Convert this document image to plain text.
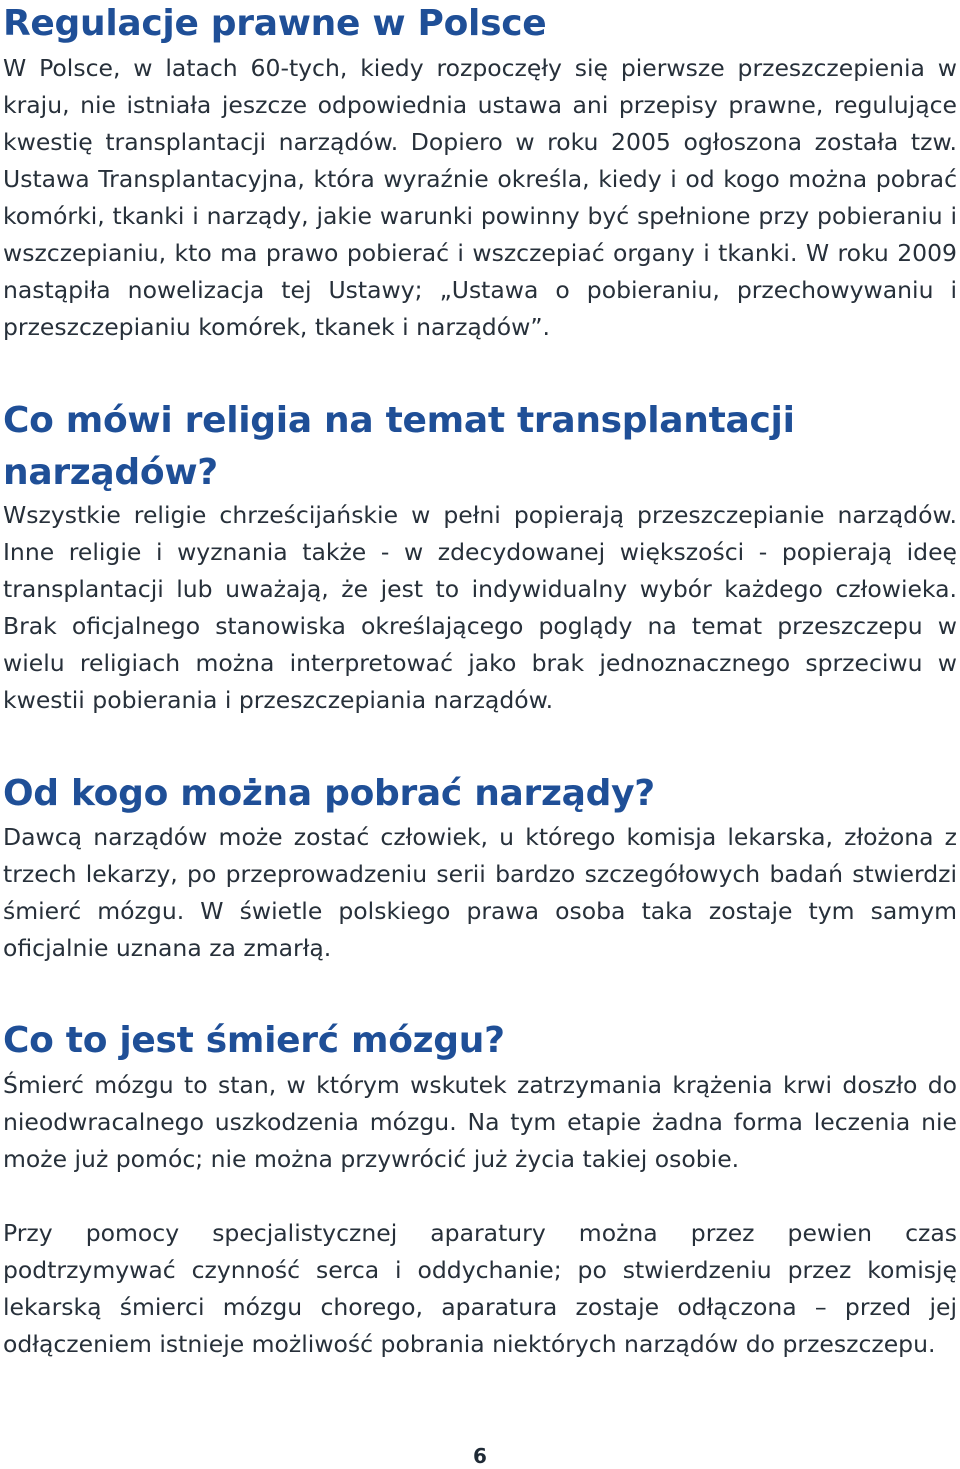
Regulacje prawne w Polsce

W Polsce, w latach 60-tych, kiedy rozpoczęły się pierwsze przeszczepienia w kraju, nie istniała jeszcze odpowiednia ustawa ani przepisy prawne, regulujące kwestię transplantacji narządów. Dopiero w roku 2005 ogłoszona została tzw. Ustawa Transplantacyjna, która wyraźnie określa, kiedy i od kogo można pobrać komórki, tkanki i narządy, jakie warunki powinny być spełnione przy pobieraniu i wszczepianiu, kto ma prawo pobierać i wszczepiać organy i tkanki. W roku 2009 nastąpiła nowelizacja tej Ustawy; „Ustawa o pobieraniu, przechowywaniu i przeszczepianiu komórek, tkanek i narządów”.

Co mówi religia na temat transplantacji narządów?

Wszystkie religie chrześcijańskie w pełni popierają przeszczepianie narządów. Inne religie i wyznania także - w zdecydowanej większości - popierają ideę transplantacji lub uważają, że jest to indywidualny wybór każdego człowieka. Brak oficjalnego stanowiska określającego poglądy na temat przeszczepu w wielu religiach można interpretować jako brak jednoznacznego sprzeciwu w kwestii pobierania i przeszczepiania narządów.

Od kogo można pobrać narządy?

Dawcą narządów może zostać człowiek, u którego komisja lekarska, złożona z trzech lekarzy, po przeprowadzeniu serii bardzo szczegółowych badań stwierdzi śmierć mózgu. W świetle polskiego prawa osoba taka zostaje tym samym oficjalnie uznana za zmarłą.

Co to jest śmierć mózgu?

Śmierć mózgu to stan, w którym wskutek zatrzymania krążenia krwi doszło do nieodwracalnego uszkodzenia mózgu. Na tym etapie żadna forma leczenia nie może już pomóc; nie można przywrócić już życia takiej osobie.

Przy pomocy specjalistycznej aparatury można przez pewien czas podtrzymywać czynność serca i oddychanie; po stwierdzeniu przez komisję lekarską śmierci mózgu chorego, aparatura zostaje odłączona – przed jej odłączeniem istnieje możliwość pobrania niektórych narządów do przeszczepu.

6
